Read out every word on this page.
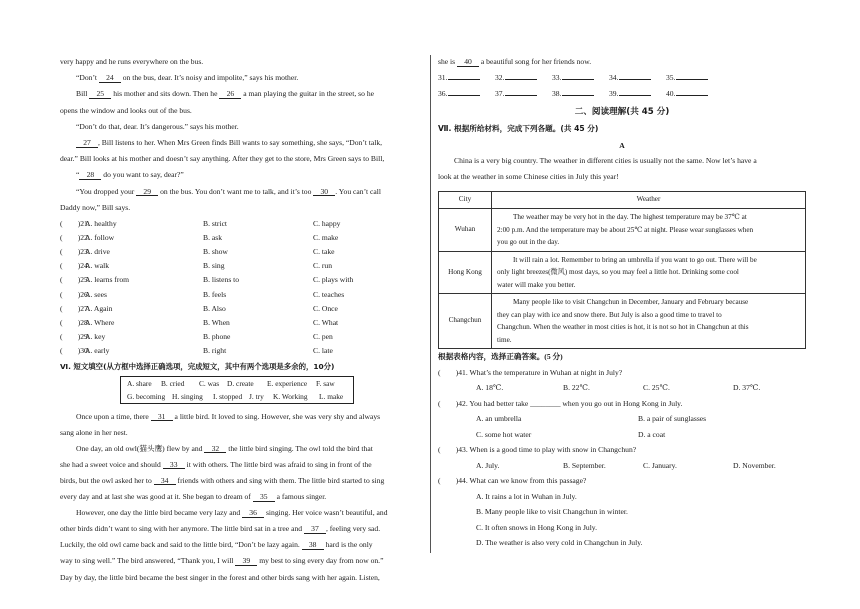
very happy and he runs everywhere on the bus.
“Don’t 24 on the bus, dear. It’s noisy and impolite,” says his mother.
Bill 25 his mother and sits down. Then he 26 a man playing the guitar in the street, so he
opens the window and looks out of the bus.
“Don’t do that, dear. It’s dangerous.” says his mother.
27 , Bill listens to her. When Mrs Green finds Bill wants to say something, she says, “Don’t talk,
dear.” Bill looks at his mother and doesn’t say anything. After they get to the store, Mrs Green says to Bill,
“ 28 do you want to say, dear?”
“You dropped your 29 on the bus. You don’t want me to talk, and it’s too 30 . You can’t call
Daddy now,” Bill says.
(　　)21.
A. healthy	B. strict	C. happy
(　　)22.
A. follow	B. ask	C. make
(　　)23.
A. drive	B. show	C. take
(　　)24.
A. walk	B. sing	C. run
(　　)25.
A. learns from	B. listens to	C. plays with
(　　)26.
A. sees	B. feels	C. teaches
(　　)27.
A. Again	B. Also	C. Once
(　　)28.
A. Where	B. When	C. What
(　　)29.
A. key	B. phone	C. pen
(　　)30.
A. early	B. right	C. late
Ⅵ. 短文填空(从方框中选择正确选项，完成短文，其中有两个选项是多余的，10分)
A. share B. cried C. was D. create E. experience F. saw
G. becoming H. singing I. stopped J. try K. Working L. make
Once upon a time, there 31 a little bird. It loved to sing. However, she was very shy and always
sang alone in her nest.
One day, an old owl(猫头鹰) flew by and 32 the little bird singing. The owl told the bird that
she had a sweet voice and should 33 it with others. The little bird was afraid to sing in front of the
birds, but the owl asked her to 34 friends with others and sing with them. The little bird started to sing
every day and at last she was good at it. She began to dream of 35 a famous singer.
However, one day the little bird became very lazy and 36 singing. Her voice wasn’t beautiful, and
other birds didn’t want to sing with her anymore. The little bird sat in a tree and 37 , feeling very sad.
Luckily, the old owl came back and said to the little bird, “Don’t be lazy again. 38 hard is the only
way to sing well.” The bird answered, “Thank you, I will 39 my best to sing every day from now on.”
Day by day, the little bird became the best singer in the forest and other birds sang with her again. Listen,
she is 40 a beautiful song for her friends now.
31.	32.	33.	34.	35.
36.	37.	38.	39.	40.
二、阅读理解(共 45 分)
Ⅶ. 根据所给材料，完成下列各题。(共 45 分)
A
China is a very big country. The weather in different cities is usually not the same. Now let’s have a
look at the weather in some Chinese cities in July this year!
City	Weather
Wuhan	The weather may be very hot in the day. The highest temperature may be 37℃ at
2:00 p.m. And the temperature may be about 25℃ at night. Please wear sunglasses when
you go out in the day.

Hong Kong	It will rain a lot. Remember to bring an umbrella if you want to go out. There will be
only light breezes(微风) most days, so you may feel a little hot. Drinking some cool
water will make you better.

Changchun	Many people like to visit Changchun in December, January and February because
they can play with ice and snow there. But July is also a good time to travel to
Changchun. When the weather in most cities is hot, it is not so hot in Changchun at this
time.
根据表格内容，选择正确答案。(5 分)
(　　)41. What’s the temperature in Wuhan at night in July?
A. 18℃.	B. 22℃.	C. 25℃.	D. 37℃.
(　　)42. You had better take ________ when you go out in Hong Kong in July.
A. an umbrella	B. a pair of sunglasses
C. some hot water	D. a coat
(　　)43. When is a good time to play with snow in Changchun?
A. July.	B. September.	C. January.	D. November.
(　　)44. What can we know from this passage?
A. It rains a lot in Wuhan in July.
B. Many people like to visit Changchun in winter.
C. It often snows in Hong Kong in July.
D. The weather is also very cold in Changchun in July.
